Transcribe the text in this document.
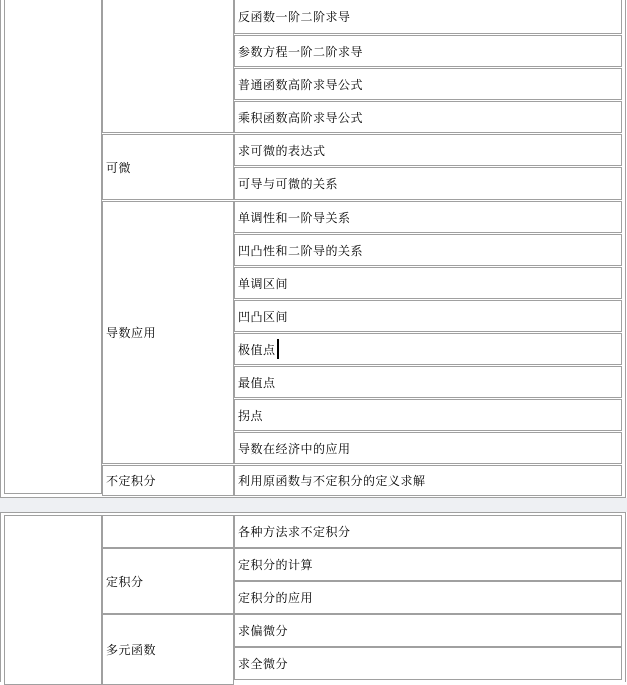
可微
导数应用
不定积分
反函数一阶二阶求导
参数方程一阶二阶求导
普通函数高阶求导公式
乘积函数高阶求导公式
求可微的表达式
可导与可微的关系
单调性和一阶导关系
凹凸性和二阶导的关系
单调区间
凹凸区间
极值点
最值点
拐点
导数在经济中的应用
利用原函数与不定积分的定义求解
定积分
多元函数
各种方法求不定积分
定积分的计算
定积分的应用
求偏微分
求全微分
